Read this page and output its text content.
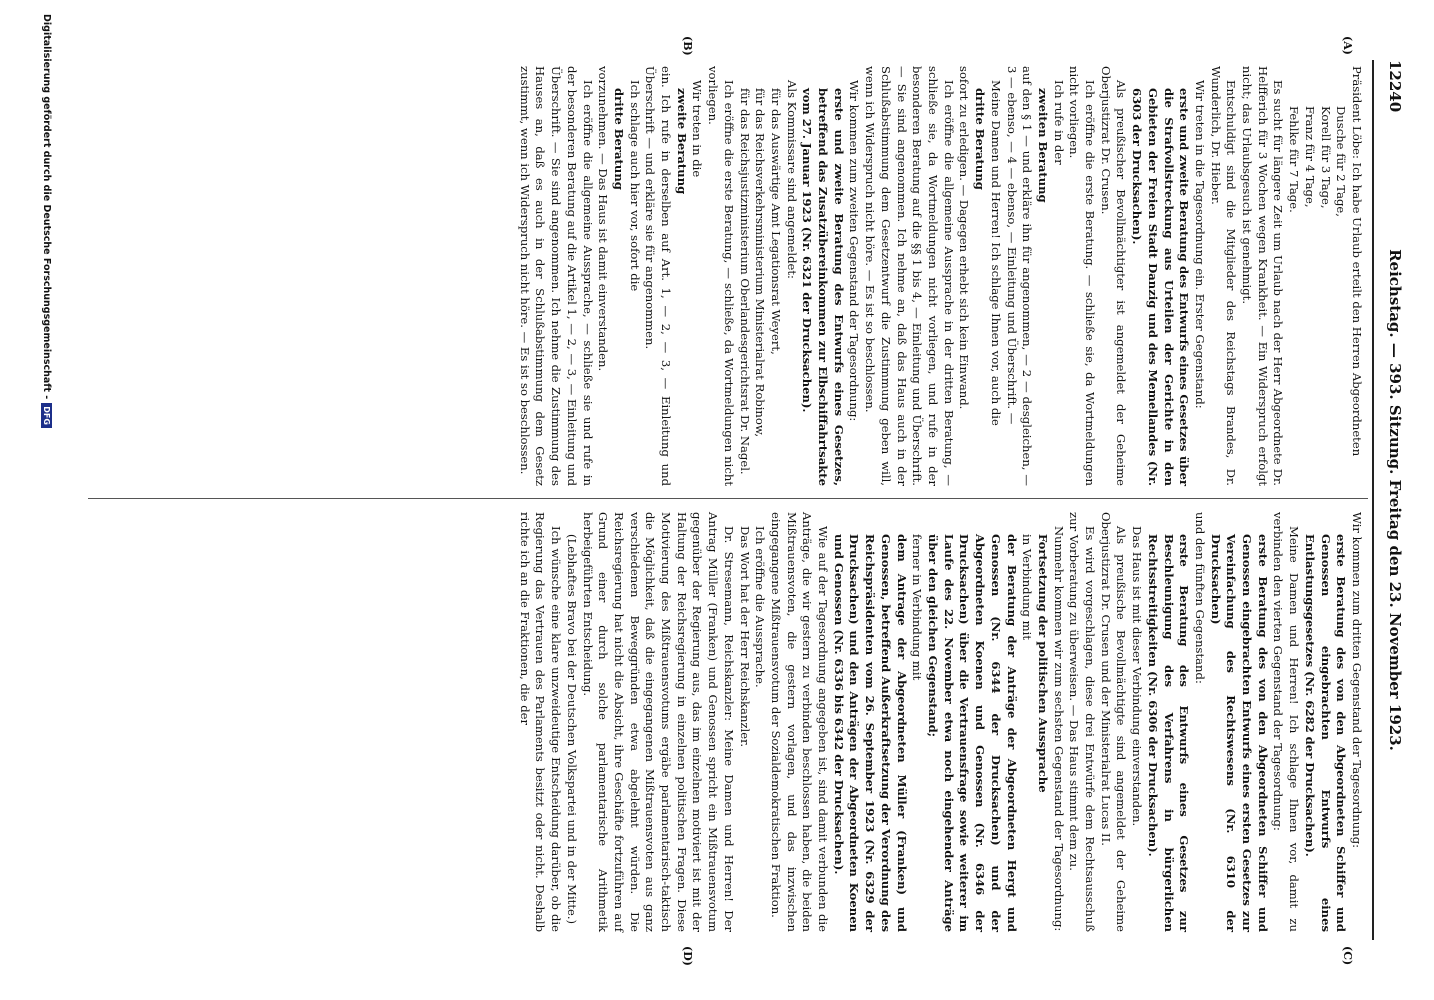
12240
Reichstag. — 393. Sitzung. Freitag den 23. November 1923.
(A)
(B)
(C)
(D)

Präsident Löbe: Ich habe Urlaub erteilt den Herren Abgeordneten

Dusche für 2 Tage,

Korell für 3 Tage,

Franz für 4 Tage,

Fehlke für 7 Tage.

Es sucht für längere Zeit um Urlaub nach der Herr Abgeordnete Dr. Helfferich für 3 Wochen wegen Krankheit. — Ein Widerspruch erfolgt nicht; das Urlaubsgesuch ist genehmigt.

Entschuldigt sind die Mitglieder des Reichstags Brandes, Dr. Wunderlich, Dr. Hieber.

Wir treten in die Tagesordnung ein. Erster Gegenstand:

erste und zweite Beratung des Entwurfs eines Gesetzes über die Strafvollstreckung aus Urteilen der Gerichte in den Gebieten der Freien Stadt Danzig und des Memellandes (Nr. 6303 der Drucksachen).

Als preußischer Bevollmächtigter ist angemeldet der Geheime Oberjustizrat Dr. Crusen.

Ich eröffne die erste Beratung. — schließe sie, da Wortmeldungen nicht vorliegen.

Ich rufe in der

zweiten Beratung

auf den § 1 — und erkläre ihn für angenommen, — 2 — desgleichen, — 3 — ebenso, — 4 — ebenso, — Einleitung und Überschrift. —

Meine Damen und Herren! Ich schlage Ihnen vor, auch die

dritte Beratung

sofort zu erledigen. — Dagegen erhebt sich kein Einwand.

Ich eröffne die allgemeine Aussprache in der dritten Beratung, — schließe sie, da Wortmeldungen nicht vorliegen, und rufe in der besonderen Beratung auf die §§ 1 bis 4, — Einleitung und Überschrift. — Sie sind angenommen. Ich nehme an, daß das Haus auch in der Schlußabstimmung dem Gesetzentwurf die Zustimmung geben will, wenn ich Widerspruch nicht höre. — Es ist so beschlossen.

Wir kommen zum zweiten Gegenstand der Tagesordnung:

erste und zweite Beratung des Entwurfs eines Gesetzes, betreffend das Zusatzübereinkommen zur Elbschiffahrtsakte vom 27. Januar 1923 (Nr. 6321 der Drucksachen).

Als Kommissare sind angemeldet:

für das Auswärtige Amt Legationsrat Weyert,

für das Reichsverkehrsministerium Ministerialrat Robinow,

für das Reichsjustizministerium Oberlandesgerichtsrat Dr. Nagel.

Ich eröffne die erste Beratung, — schließe, da Wortmeldungen nicht vorliegen.

Wir treten in die

zweite Beratung

ein. Ich rufe in derselben auf Art. 1, — 2, — 3, — Einleitung und Überschrift — und erkläre sie für angenommen.

Ich schlage auch hier vor, sofort die

dritte Beratung

vorzunehmen. — Das Haus ist damit einverstanden.

Ich eröffne die allgemeine Aussprache, — schließe sie und rufe in der besonderen Beratung auf die Artikel 1, — 2, — 3, — Einleitung und Überschrift. — Sie sind angenommen. Ich nehme die Zustimmung des Hauses an, daß es auch in der Schlußabstimmung dem Gesetz zustimmt, wenn ich Widerspruch nicht höre. — Es ist so beschlossen.

Wir kommen zum dritten Gegenstand der Tagesordnung:

erste Beratung des von den Abgeordneten Schiffer und Genossen eingebrachten Entwurfs eines Entlastungsgesetzes (Nr. 6282 der Drucksachen).

Meine Damen und Herren! Ich schlage Ihnen vor, damit zu verbinden den vierten Gegenstand der Tagesordnung:

erste Beratung des von den Abgeordneten Schiffer und Genossen eingebrachten Entwurfs eines ersten Gesetzes zur Vereinfachung des Rechtswesens (Nr. 6310 der Drucksachen)

und den fünften Gegenstand:

erste Beratung des Entwurfs eines Gesetzes zur Beschleunigung des Verfahrens in bürgerlichen Rechtsstreitigkeiten (Nr. 6306 der Drucksachen).

Das Haus ist mit dieser Verbindung einverstanden.

Als preußische Bevollmächtigte sind angemeldet der Geheime Oberjustizrat Dr. Crusen und der Ministerialrat Lucas II.

Es wird vorgeschlagen, diese drei Entwürfe dem Rechtsausschuß zur Vorberatung zu überweisen. — Das Haus stimmt dem zu.

Nunmehr kommen wir zum sechsten Gegenstand der Tagesordnung:

Fortsetzung der politischen Aussprache

in Verbindung mit

der Beratung der Anträge der Abgeordneten Hergt und Genossen (Nr. 6344 der Drucksachen) und der Abgeordneten Koenen und Genossen (Nr. 6346 der Drucksachen) über die Vertrauensfrage sowie weiterer im Laufe des 22. November etwa noch eingehender Anträge über den gleichen Gegenstand;

ferner in Verbindung mit

dem Antrage der Abgeordneten Müller (Franken) und Genossen, betreffend Außerkraftsetzung der Verordnung des Reichspräsidenten vom 26. September 1923 (Nr. 6329 der Drucksachen) und den Anträgen der Abgeordneten Koenen und Genossen (Nr. 6336 bis 6342 der Drucksachen).

Wie auf der Tagesordnung angegeben ist, sind damit verbunden die Anträge, die wir gestern zu verbinden beschlossen haben, die beiden Mißtrauensvoten, die gestern vorlagen, und das inzwischen eingegangene Mißtrauensvotum der Sozialdemokratischen Fraktion.

Ich eröffne die Aussprache.

Das Wort hat der Herr Reichskanzler.

Dr. Stresemann, Reichskanzler: Meine Damen und Herren! Der Antrag Müller (Franken) und Genossen spricht ein Mißtrauensvotum gegenüber der Regierung aus, das im einzelnen motiviert ist mit der Haltung der Reichsregierung in einzelnen politischen Fragen. Diese Motivierung des Mißtrauensvotums ergäbe parlamentarisch-taktisch die Möglichkeit, daß die eingegangenen Mißtrauensvoten aus ganz verschiedenen Beweggründen etwa abgelehnt würden. Die Reichsregierung hat nicht die Absicht, ihre Geschäfte fortzuführen auf Grund einer durch solche parlamentarische Arithmetik herbeigeführten Entscheidung.

(Lebhaftes Bravo bei der Deutschen Volkspartei und in der Mitte.)

Ich wünsche eine klare unzweideutige Entscheidung darüber, ob die Regierung das Vertrauen des Parlaments besitzt oder nicht. Deshalb richte ich an die Fraktionen, die der

Digitalisierung gefördert durch die Deutsche Forschungsgemeinschaft -DFG
